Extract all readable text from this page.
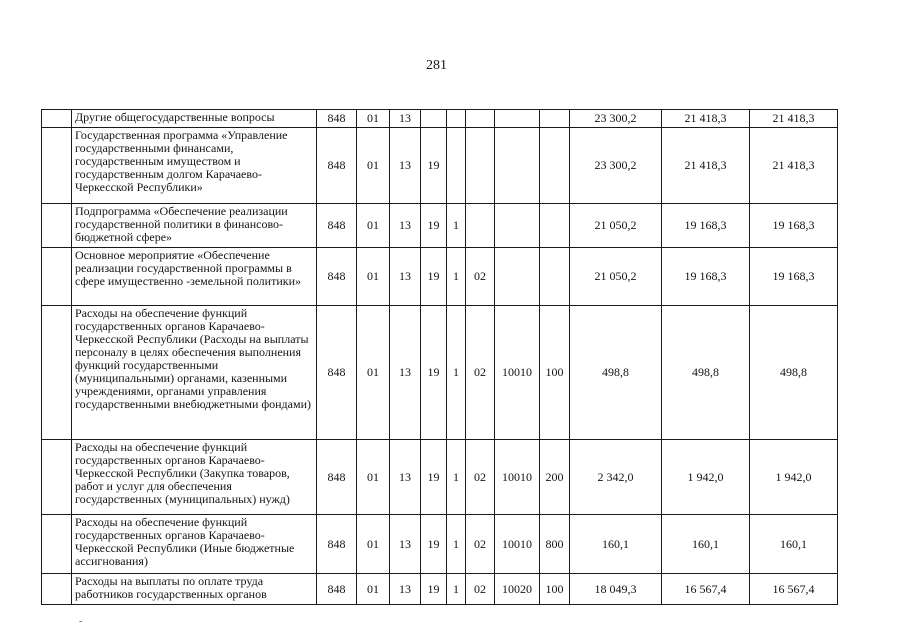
281
	Другие общегосударственные вопросы	848	01	13						23 300,2	21 418,3	21 418,3
	Государственная программа «Управление государственными финансами, государственным имуществом и государственным долгом Карачаево-Черкесской Республики»	848	01	13	19					23 300,2	21 418,3	21 418,3
	Подпрограмма «Обеспечение реализации государственной политики в финансово-бюджетной сфере»	848	01	13	19	1				21 050,2	19 168,3	19 168,3
	Основное мероприятие «Обеспечение реализации государственной программы в сфере имущественно -земельной политики»	848	01	13	19	1	02			21 050,2	19 168,3	19 168,3
	Расходы на обеспечение функций государственных органов Карачаево-Черкесской Республики (Расходы на выплаты персоналу в целях обеспечения выполнения функций государственными (муниципальными) органами, казенными учреждениями, органами управления государственными внебюджетными фондами)	848	01	13	19	1	02	10010	100	498,8	498,8	498,8
	Расходы на обеспечение функций государственных органов Карачаево-Черкесской Республики (Закупка товаров, работ и услуг для обеспечения государственных (муниципальных) нужд)	848	01	13	19	1	02	10010	200	2 342,0	1 942,0	1 942,0
	Расходы на обеспечение функций государственных органов Карачаево-Черкесской Республики (Иные бюджетные ассигнования)	848	01	13	19	1	02	10010	800	160,1	160,1	160,1
	Расходы на выплаты по оплате труда работников государственных органов	848	01	13	19	1	02	10020	100	18 049,3	16 567,4	16 567,4
-
